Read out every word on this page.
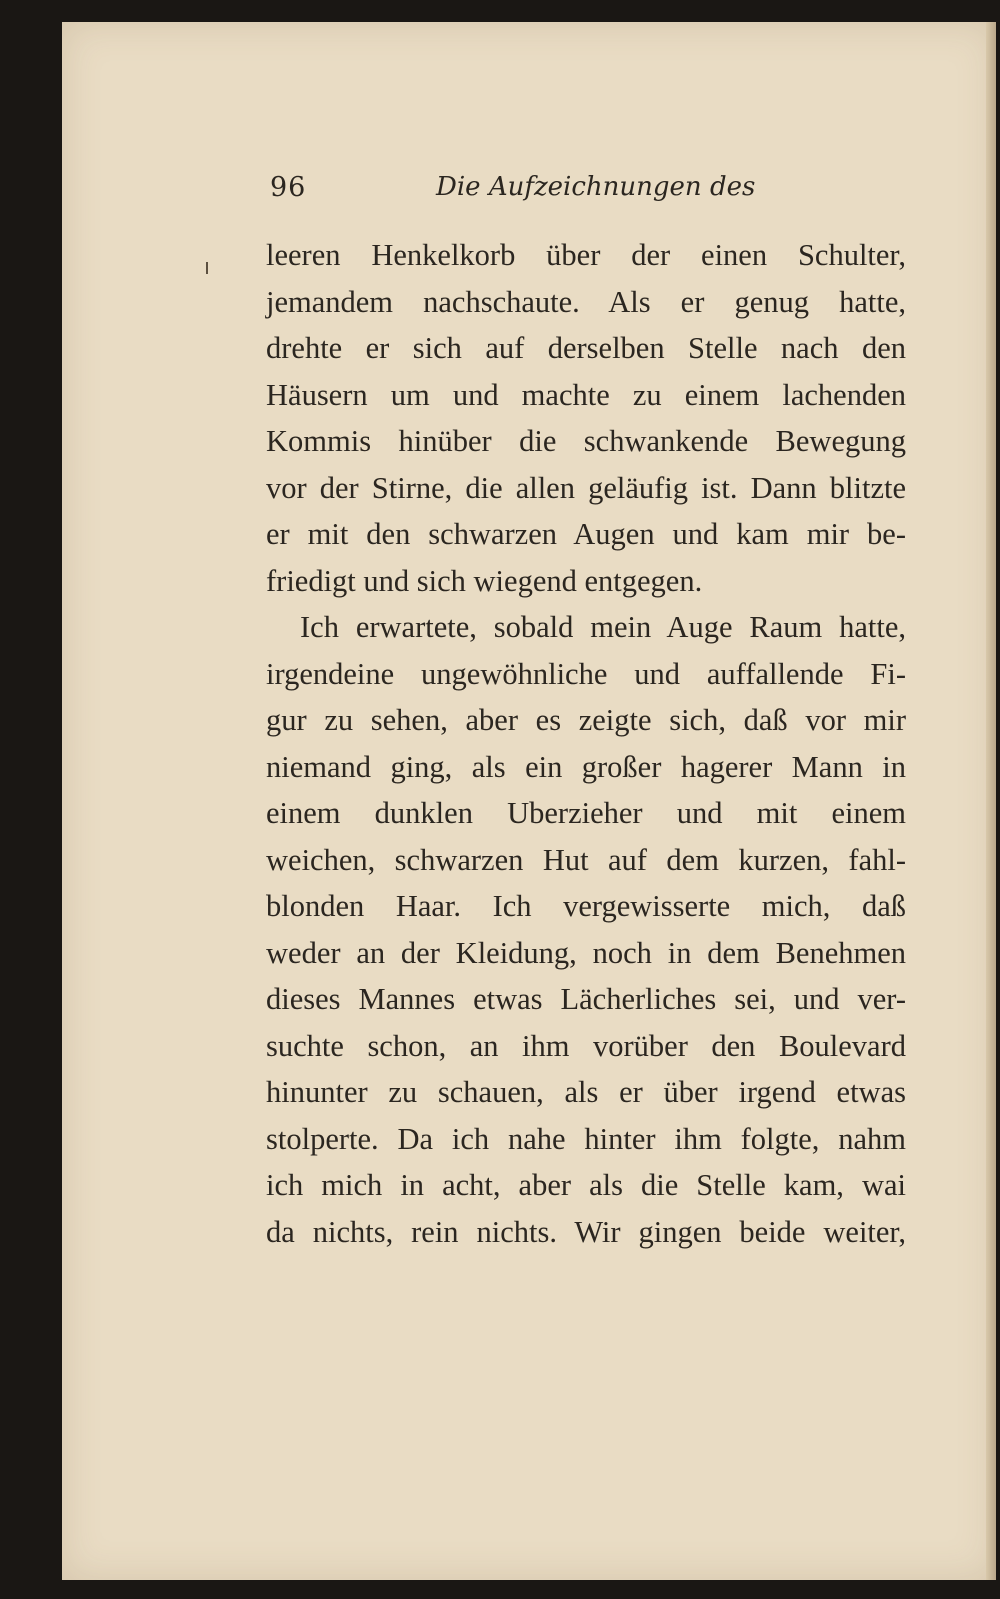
96	Die Aufzeichnungen des
leeren Henkelkorb über der einen Schulter,
jemandem nachschaute. Als er genug hatte,
drehte er sich auf derselben Stelle nach den
Häusern um und machte zu einem lachenden
Kommis hinüber die schwankende Bewegung
vor der Stirne, die allen geläufig ist. Dann blitzte
er mit den schwarzen Augen und kam mir be-
friedigt und sich wiegend entgegen.
Ich erwartete, sobald mein Auge Raum hatte,
irgendeine ungewöhnliche und auffallende Fi-
gur zu sehen, aber es zeigte sich, daß vor mir
niemand ging, als ein großer hagerer Mann in
einem dunklen Uberzieher und mit einem
weichen, schwarzen Hut auf dem kurzen, fahl-
blonden Haar. Ich vergewisserte mich, daß
weder an der Kleidung, noch in dem Benehmen
dieses Mannes etwas Lächerliches sei, und ver-
suchte schon, an ihm vorüber den Boulevard
hinunter zu schauen, als er über irgend etwas
stolperte. Da ich nahe hinter ihm folgte, nahm
ich mich in acht, aber als die Stelle kam, wai
da nichts, rein nichts. Wir gingen beide weiter,
